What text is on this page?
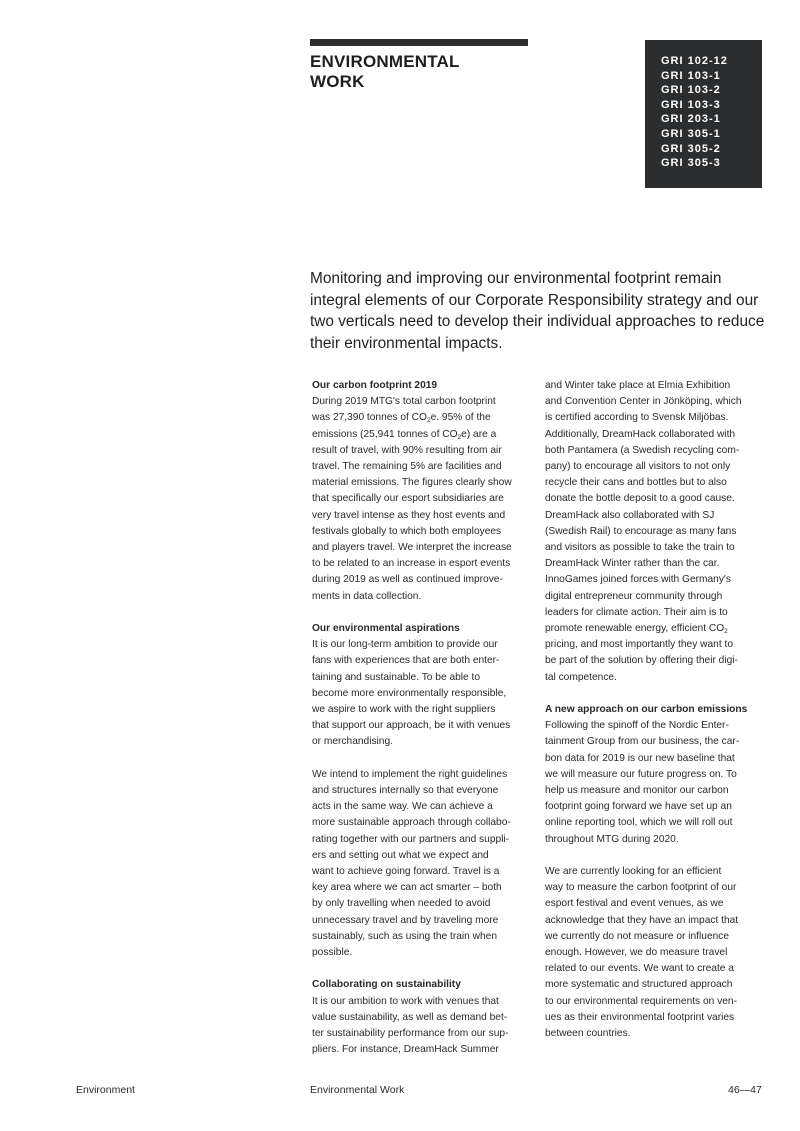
ENVIRONMENTAL
WORK
GRI 102-12
GRI 103-1
GRI 103-2
GRI 103-3
GRI 203-1
GRI 305-1
GRI 305-2
GRI 305-3

Monitoring and improving our environmental footprint remain integral elements of our Corporate Responsibility strategy and our two verticals need to develop their individual approaches to reduce their environmental impacts.

Our carbon footprint 2019

During 2019 MTG's total carbon footprint

was 27,390 tonnes of $CO_2e$. 95% of the

emissions (25,941 tonnes of $CO_2e$) are a

result of travel, with 90% resulting from air

travel. The remaining 5% are facilities and

material emissions. The figures clearly show

that specifically our esport subsidiaries are

very travel intense as they host events and

festivals globally to which both employees

and players travel. We interpret the increase

to be related to an increase in esport events

during 2019 as well as continued improve-

ments in data collection.

Our environmental aspirations

It is our long-term ambition to provide our

fans with experiences that are both enter-

taining and sustainable. To be able to

become more environmentally responsible,

we aspire to work with the right suppliers

that support our approach, be it with venues

or merchandising.

We intend to implement the right guidelines

and structures internally so that everyone

acts in the same way. We can achieve a

more sustainable approach through collabo-

rating together with our partners and suppli-

ers and setting out what we expect and

want to achieve going forward. Travel is a

key area where we can act smarter – both

by only travelling when needed to avoid

unnecessary travel and by traveling more

sustainably, such as using the train when

possible.

Collaborating on sustainability

It is our ambition to work with venues that

value sustainability, as well as demand bet-

ter sustainability performance from our sup-

pliers. For instance, DreamHack Summer

and Winter take place at Elmia Exhibition

and Convention Center in Jönköping, which

is certified according to Svensk Miljöbas.

Additionally, DreamHack collaborated with

both Pantamera (a Swedish recycling com-

pany) to encourage all visitors to not only

recycle their cans and bottles but to also

donate the bottle deposit to a good cause.

DreamHack also collaborated with SJ

(Swedish Rail) to encourage as many fans

and visitors as possible to take the train to

DreamHack Winter rather than the car.

InnoGames joined forces with Germany's

digital entrepreneur community through

leaders for climate action. Their aim is to

promote renewable energy, efficient $CO_2$

pricing, and most importantly they want to

be part of the solution by offering their digi-

tal competence.

A new approach on our carbon emissions

Following the spinoff of the Nordic Enter-

tainment Group from our business, the car-

bon data for 2019 is our new baseline that

we will measure our future progress on. To

help us measure and monitor our carbon

footprint going forward we have set up an

online reporting tool, which we will roll out

throughout MTG during 2020.

We are currently looking for an efficient

way to measure the carbon footprint of our

esport festival and event venues, as we

acknowledge that they have an impact that

we currently do not measure or influence

enough. However, we do measure travel

related to our events. We want to create a

more systematic and structured approach

to our environmental requirements on ven-

ues as their environmental footprint varies

between countries.

Environment	Environmental Work	46—47
